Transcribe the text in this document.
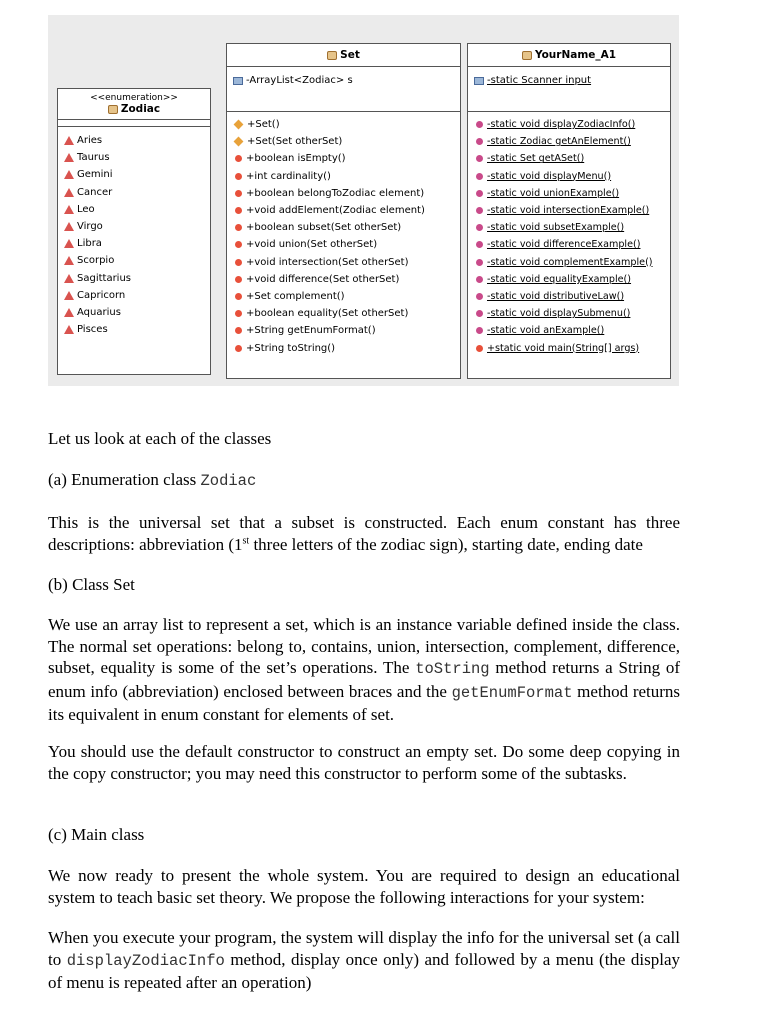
<<enumeration>>
Zodiac
Aries
Taurus
Gemini
Cancer
Leo
Virgo
Libra
Scorpio
Sagittarius
Capricorn
Aquarius
Pisces
Set
-ArrayList<Zodiac> s
+Set()
+Set(Set otherSet)
+boolean isEmpty()
+int cardinality()
+boolean belongToZodiac element)
+void addElement(Zodiac element)
+boolean subset(Set otherSet)
+void union(Set otherSet)
+void intersection(Set otherSet)
+void difference(Set otherSet)
+Set complement()
+boolean equality(Set otherSet)
+String getEnumFormat()
+String toString()
YourName_A1
-static Scanner input
-static void displayZodiacInfo()
-static Zodiac getAnElement()
-static Set getASet()
-static void displayMenu()
-static void unionExample()
-static void intersectionExample()
-static void subsetExample()
-static void differenceExample()
-static void complementExample()
-static void equalityExample()
-static void distributiveLaw()
-static void displaySubmenu()
-static void anExample()
+static void main(String[] args)
Let us look at each of the classes
(a) Enumeration class Zodiac
This is the universal set that a subset is constructed. Each enum constant has three descriptions: abbreviation (1st three letters of the zodiac sign), starting date, ending date
(b) Class Set
We use an array list to represent a set, which is an instance variable defined inside the class. The normal set operations: belong to, contains, union, intersection, complement, difference, subset, equality is some of the set’s operations. The toString method returns a String of enum info (abbreviation) enclosed between braces and the getEnumFormat method returns its equivalent in enum constant for elements of set.
You should use the default constructor to construct an empty set. Do some deep copying in the copy constructor; you may need this constructor to perform some of the subtasks.
(c) Main class
We now ready to present the whole system. You are required to design an educational system to teach basic set theory. We propose the following interactions for your system:
When you execute your program, the system will display the info for the universal set (a call to displayZodiacInfo method, display once only) and followed by a menu (the display of menu is repeated after an operation)
